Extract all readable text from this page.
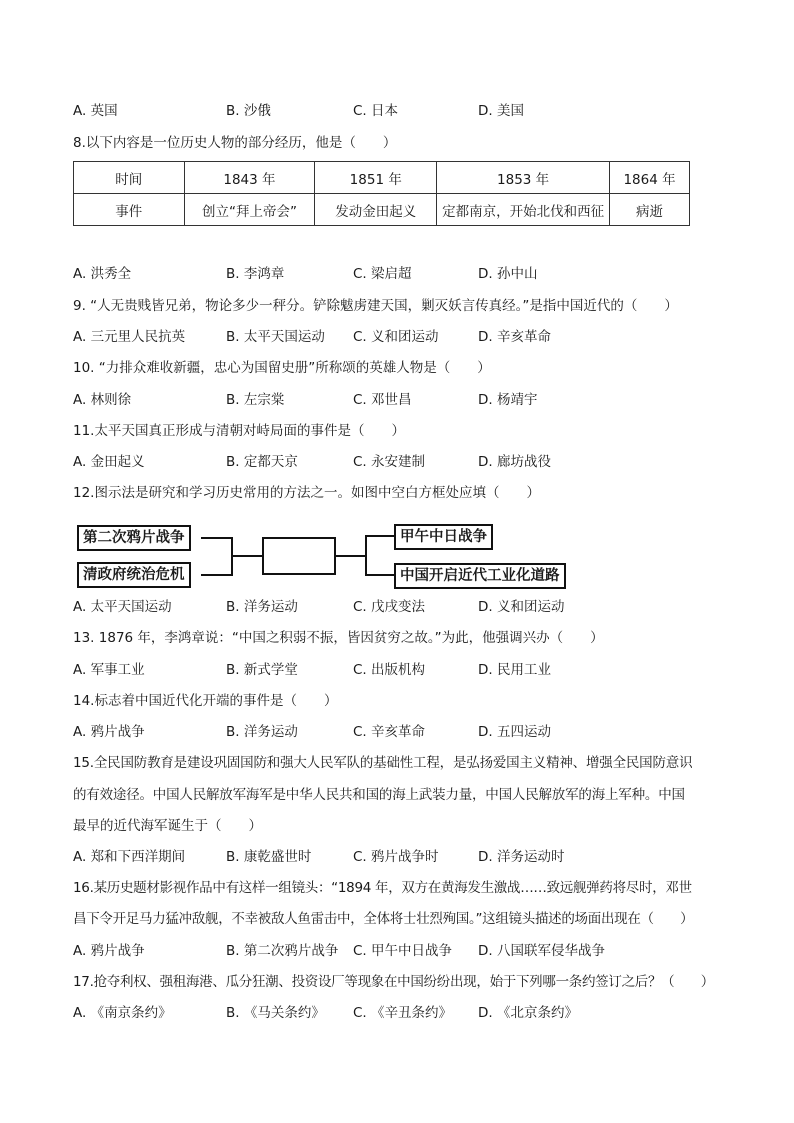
A. 英国	B. 沙俄	C. 日本	D. 美国
8.以下内容是一位历史人物的部分经历，他是（　　）
时间	1843 年	1851 年	1853 年	1864 年
事件	创立“拜上帝会”	发动金田起义	定都南京，开始北伐和西征	病逝
A. 洪秀全	B. 李鸿章	C. 梁启超	D. 孙中山
9. “人无贵贱皆兄弟，物论多少一秤分。铲除魃虏建天国，剿灭妖言传真经。”是指中国近代的（　　）
A. 三元里人民抗英	B. 太平天国运动 C. 义和团运动	D. 辛亥革命
10. “力排众难收新疆，忠心为国留史册”所称颂的英雄人物是（　　）
A. 林则徐	B. 左宗棠	C. 邓世昌	D. 杨靖宇
11.太平天国真正形成与清朝对峙局面的事件是（　　）
A. 金田起义	B. 定都天京	C. 永安建制	D. 廊坊战役
12.图示法是研究和学习历史常用的方法之一。如图中空白方框处应填（　　）
第二次鸦片战争
清政府统治危机
甲午中日战争
中国开启近代工业化道路
A. 太平天国运动	B. 洋务运动	C. 戊戌变法	D. 义和团运动
13. 1876 年，李鸿章说：“中国之积弱不振，皆因贫穷之故。”为此，他强调兴办（　　）
A. 军事工业	B. 新式学堂	C. 出版机构	D. 民用工业
14.标志着中国近代化开端的事件是（　　）
A. 鸦片战争	B. 洋务运动	C. 辛亥革命	D. 五四运动
15.全民国防教育是建设巩固国防和强大人民军队的基础性工程，是弘扬爱国主义精神、增强全民国防意识
的有效途径。中国人民解放军海军是中华人民共和国的海上武装力量，中国人民解放军的海上军种。中国
最早的近代海军诞生于（　　）
A. 郑和下西洋期间	B. 康乾盛世时	C. 鸦片战争时	D. 洋务运动时
16.某历史题材影视作品中有这样一组镜头：“1894 年，双方在黄海发生激战……致远舰弹药将尽时，邓世
昌下令开足马力猛冲敌舰，不幸被敌人鱼雷击中，全体将士壮烈殉国。”这组镜头描述的场面出现在（　　）
A. 鸦片战争	B. 第二次鸦片战争 C. 甲午中日战争 D. 八国联军侵华战争
17.抢夺利权、强租海港、瓜分狂潮、投资设厂等现象在中国纷纷出现，始于下列哪一条约签订之后？（　　）
A. 《南京条约》	B. 《马关条约》 C. 《辛丑条约》 D. 《北京条约》
